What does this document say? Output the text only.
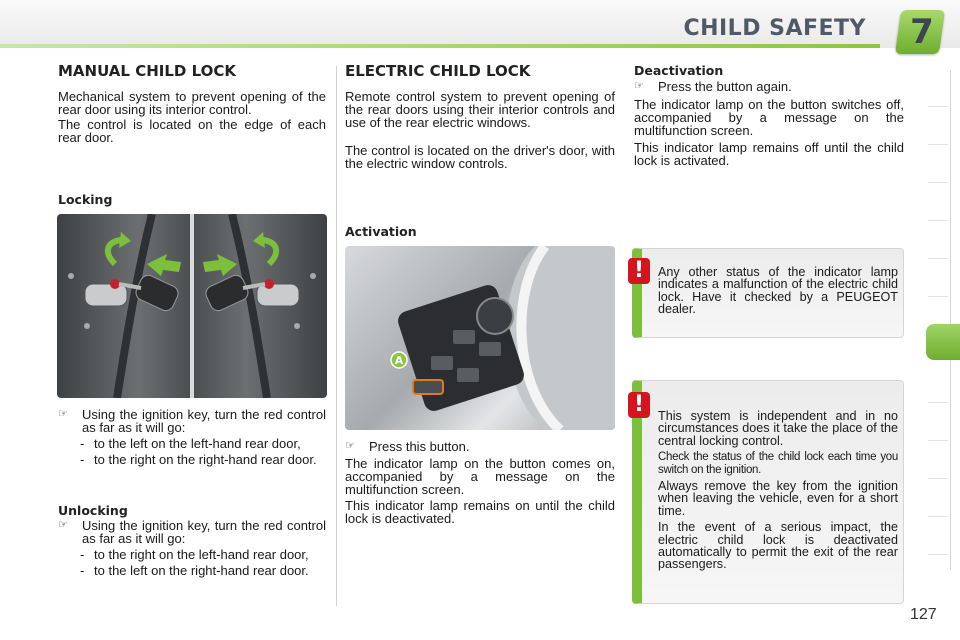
CHILD SAFETY 7
MANUAL CHILD LOCK

Mechanical system to prevent opening of the rear door using its interior control.

The control is located on the edge of each rear door.

Locking
☞ Using the ignition key, turn the red control as far as it will go:
- to the left on the left-hand rear door,
- to the right on the right-hand rear door.
Unlocking
☞ Using the ignition key, turn the red control as far as it will go:
- to the right on the left-hand rear door,
- to the left on the right-hand rear door.
ELECTRIC CHILD LOCK

Remote control system to prevent opening of the rear doors using their interior controls and use of the rear electric windows.

The control is located on the driver's door, with the electric window controls.

Activation
A
☞ Press this button.

The indicator lamp on the button comes on, accompanied by a message on the multifunction screen.

This indicator lamp remains on until the child lock is deactivated.

Deactivation
☞ Press the button again.

The indicator lamp on the button switches off, accompanied by a message on the multifunction screen.

This indicator lamp remains off until the child lock is activated.

!	Any other status of the indicator lamp indicates a malfunction of the electric child lock. Have it checked by a PEUGEOT dealer.

!	This system is independent and in no circumstances does it take the place of the central locking control.

Check the status of the child lock each time you switch on the ignition.

Always remove the key from the ignition when leaving the vehicle, even for a short time.

In the event of a serious impact, the electric child lock is deactivated automatically to permit the exit of the rear passengers.

127
